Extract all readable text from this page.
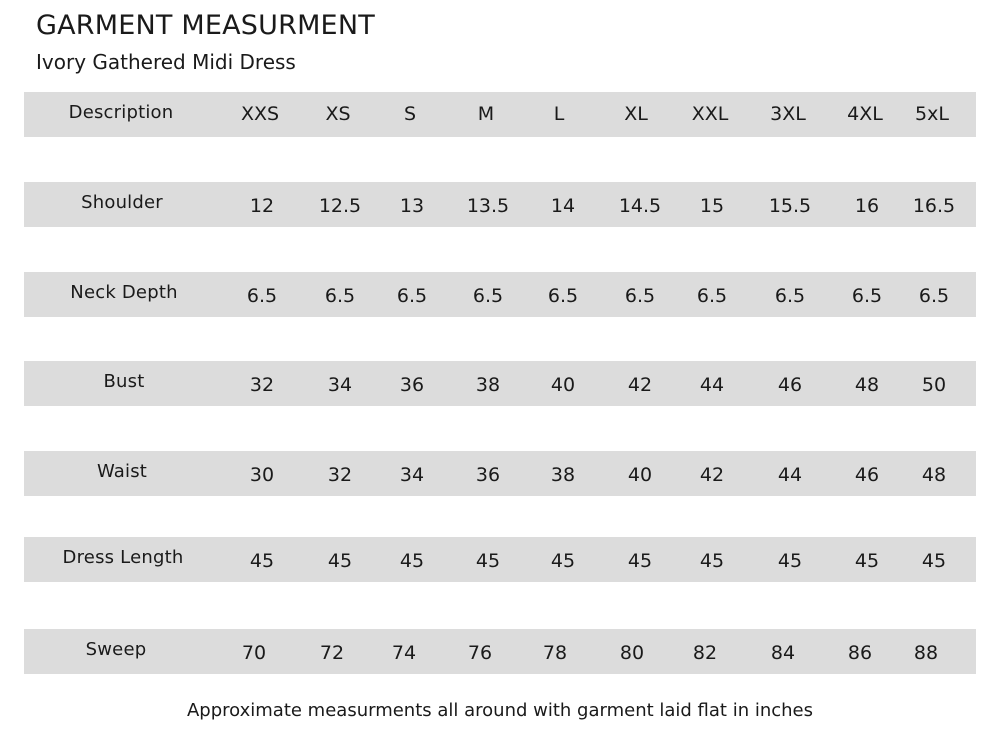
GARMENT MEASURMENT

Ivory Gathered Midi Dress

Description	XXS XS	S	M	L	XL XXL 3XL 4XL 5xL
Shoulder	12 12.5 13 13.5 14 14.5 15 15.5 16 16.5
Neck Depth	6.5	6.5 6.5 6.5 6.5 6.5 6.5	6.5 6.5 6.5
Bust	32	34	36	38	40	42	44	46	48 50
Waist	30	32	34	36	38	40	42	44	46 48
Dress Length	45	45	45	45	45	45	45	45	45 45
Sweep	70	72	74	76	78	80	82	84	86 88

Approximate measurments all around with garment laid flat in inches
